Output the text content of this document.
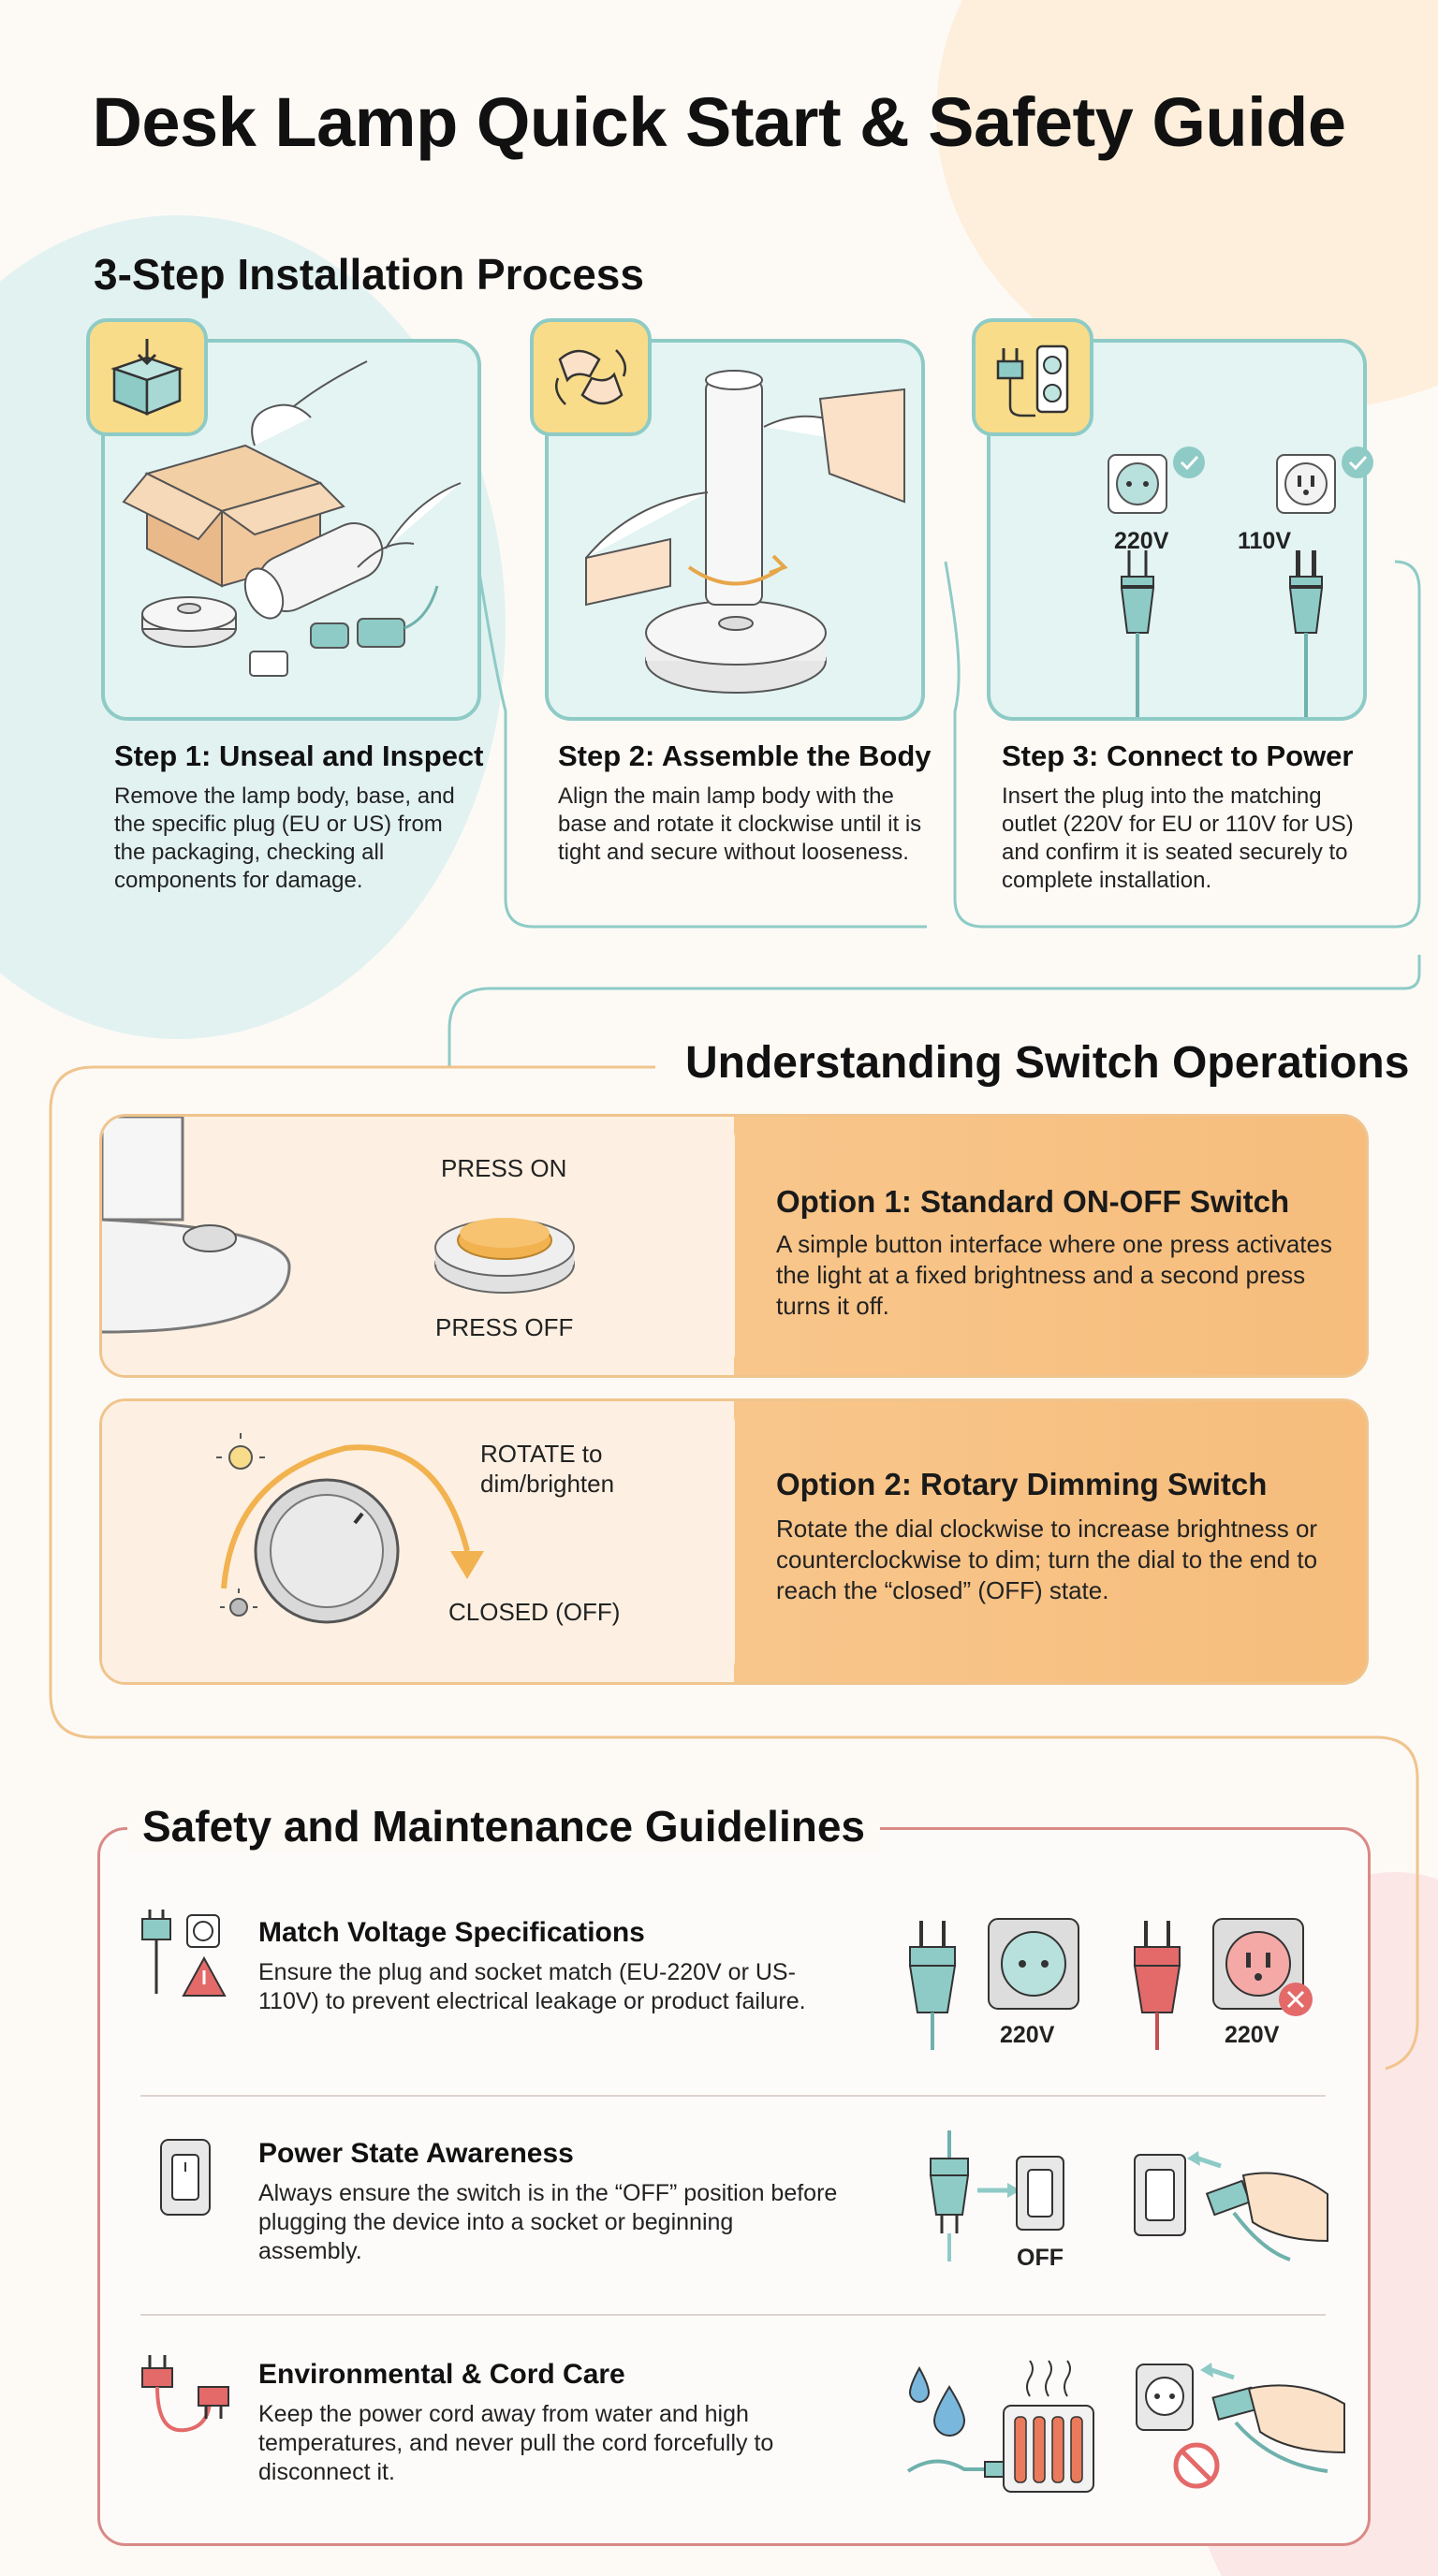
Desk Lamp Quick Start & Safety Guide
3-Step Installation Process
Step 1: Unseal and Inspect
Remove the lamp body, base, and the specific plug (EU or US) from the packaging, checking all components for damage.
Step 2: Assemble the Body
Align the main lamp body with the base and rotate it clockwise until it is tight and secure without looseness.
220V	110V
Step 3: Connect to Power
Insert the plug into the matching outlet (220V for EU or 110V for US) and confirm it is seated securely to complete installation.
Understanding Switch Operations
PRESS ON
PRESS OFF
Option 1: Standard ON-OFF Switch
A simple button interface where one press activates the light at a fixed brightness and a second press turns it off.
ROTATE to
dim/brighten
CLOSED (OFF)
Option 2: Rotary Dimming Switch
Rotate the dial clockwise to increase brightness or counterclockwise to dim; turn the dial to the end to reach the “closed” (OFF) state.
Safety and Maintenance Guidelines
Match Voltage Specifications
Ensure the plug and socket match (EU-220V or US-110V) to prevent electrical leakage or product failure.
220V	220V
Power State Awareness
Always ensure the switch is in the “OFF” position before plugging the device into a socket or beginning assembly.	OFF
Environmental & Cord Care
Keep the power cord away from water and high temperatures, and never pull the cord forcefully to disconnect it.
